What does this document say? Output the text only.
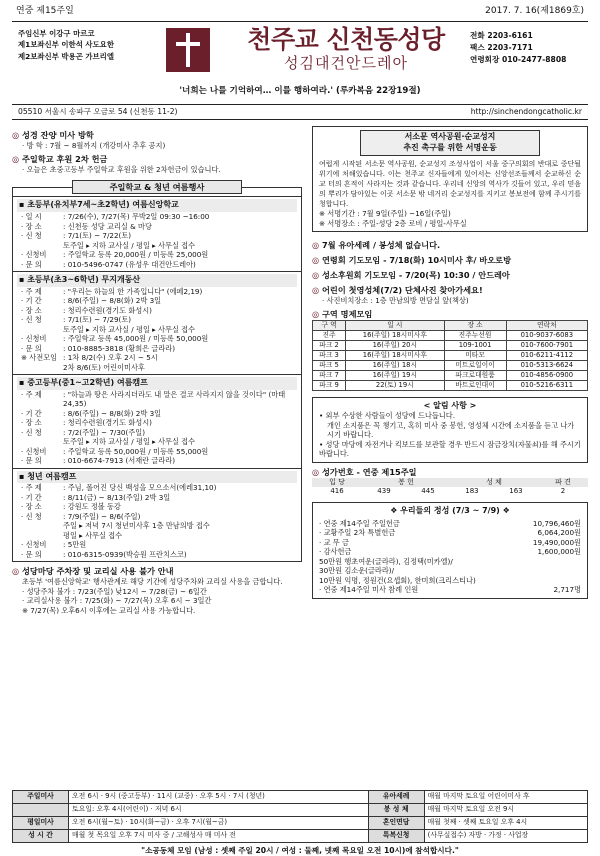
연중 제15주일	2017. 7. 16(제1869호)
주임신부 이강구 마르코
제1보좌신부 이한석 사도요한
제2보좌신부 박용곤 가브리엘
천주교 신천동성당
성김대건안드레아
전화 2203-6161
팩스 2203-7171
연령회장 010-2477-8808
'너희는 나를 기억하여… 이를 행하여라.' (루카복음 22장19절)
05510 서울시 송파구 오금로 54 (신천동 11-2)	http://sinchendongcatholic.kr
◎ 성경 잔양 미사 방학
· 방 학 : 7월 ~ 8월까지 (개강미사 추후 공지)
◎ 주일학교 후원 2차 헌금
· 오늘은 초중고등부 주일학교 후원을 위한 2차헌금이 있습니다.
주일학교 & 청년 여름행사
▪ 초등부(유치부7세~초2학년) 여름신앙학교
· 일 시	: 7/26(수), 7/27(목) 무박2일 09:30 ~16:00
· 장 소	: 신천동 성당 교리실 & 마당
· 신 청	: 7/1(토) ~ 7/22(토)
토주일 ▸ 지하 교사실 / 평일 ▸ 사무실 접수
· 신청비	: 주일학교 등록 20,000원 / 미등록 25,000원
· 문 의	: 010-5496-0747 (유성우 대건안드레아)
▪ 초등부(초3~6학년) 무지개동산
· 주 제	: "우리는 하늘의 한 가족입니다" (에페2,19)
· 기 간	: 8/6(주일) ~ 8/8(화) 2박 3일
· 장 소	: 청리수련원(경기도 화성시)
· 신 청	: 7/1(토) ~ 7/29(토)
토주일 ▸ 지하 교사실 / 평일 ▸ 사무실 접수
· 신청비	: 주일학교 등록 45,000원 / 미등록 50,000원
· 문 의	: 010-8885-3818 (황희은 글라라)
※ 사전모임 : 1차 8/2(수) 오후 2시 ~ 5시
2차 8/6(토) 어린이미사후
▪ 중고등부(중1~고2학년) 여름캠프
· 주 제	: "하늘과 땅은 사라지더라도 내 말은 결코 사라지지 않을 것이다" (마태24,35)
· 기 간	: 8/6(주일) ~ 8/8(화) 2박 3일
· 장 소	: 청리수련원(경기도 화성시)
· 신 청	: 7/2(주일) ~ 7/30(주일)
토주일 ▸ 지하 교사실 / 평일 ▸ 사무실 접수
· 신청비	: 주일학교 등록 50,000원 / 미등록 55,000원
· 문 의	: 010-6674-7913 (서재란 글라라)
▪ 청년 여름캠프
· 주 제	: 주님, 폴어진 당신 백성을 모으소서(에레31,10)
· 기 간	: 8/11(금) ~ 8/13(주일) 2박 3일
· 장 소	: 강원도 정볼 동강
· 신 청	: 7/9(주일) ~ 8/6(주일)
주일 ▸ 저녁 7시 청년미사후 1층 만남의방 접수
평일 ▸ 사무실 접수
· 신청비	: 5만원
· 문 의	: 010-6315-0939(박승원 프란치스코)
◎ 성당마당 주차장 및 교리실 사용 불가 안내
초등부 '여름신앙학교' 행사관계로 해당 기간에 성당주차와 교리실 사용을 금합니다.
· 성당주차 불가 : 7/23(주일) 낮12시 ~ 7/28(금) ~ 6일간
· 교리실사용 불가 : 7/25(화) ~ 7/27(목) 오후 6시 ~ 3일간
※ 7/27(목) 오후6시 이후에는 교리실 사용 가능합니다.
서소문 역사공원·순교성지
추진 촉구를 위한 서명운동

여럽게 시작된 서소문 역사공원, 순교성지 조성사업이 서울 중구의회의 반대로 중단될 위기에 처해있습니다. 이는 천주교 신자들에게 있어서는 신앙선조들께서 순교하신 순교 터의 흔적이 사라지는 것과 같습니다. 우리네 신앙의 역사가 깃들어 있고, 우리 믿음의 뿌리가 담아있는 이곳 서소문 밖 네거리 순교성지를 지키고 봉보전에 함께 주시기를 청합니다.

※ 서명기간 : 7월 9일(주일) ~16일(주일)
※ 서명장소 : 주일-성당 2층 로비 / 평일-사무실
◎ 7월 유아세례 / 봉성체 없습니다.
◎ 연령회 기도모임 - 7/18(화) 10시미사 후/ 바오로방
◎ 성소후원회 기도모임 - 7/20(목) 10:30 / 안드레아
◎ 어린이 첫영성체(7/2) 단체사진 찾아가세요!
· 사진비치장소 : 1층 만남의방 면담실 앞(책상)
◎ 구역 명제모임
구 역	일 시	장 소	연락처
진주	16(주일) 18시미사후	진주누선원	010-9037-6083
파크 2	16(주일) 20시	109-1001	010-7600-7901
파크 3	16(주일) 18시미사후	미타모	010-6211-4112
파크 5	16(주일) 18시	미트로일이이	010-5313-6624
파크 7	16(주일) 19시	파크로대원룸	010-4856-0900
파크 9	22(토) 19시	바트로인대이	010-5216-6311
< 알림 사항 >
• 외부 수상한 사람들이 성당에 드나듭니다.
개인 소지품은 꼭 챙기고, 혹히 미사 중 봉헌, 영성체 시간에 소지품을 듣고 나가시기 바랍니다.
• 성당 마당에 자전거나 킥보드를 보관할 경우 반드시 잠금장치(자물쇠)를 해 주시기 바랍니다.
◎ 성가번호 - 연중 제15주일
입 당	봉 헌		성 체		파 견
416	439	445	183	163	2
❖ 우리들의 정성 (7/3 ~ 7/9) ❖
· 연중 제14주일 주일헌금	10,796,460원
· 교황주일 2차 특별헌금	6,064,200원
· 교 무 금	19,490,000원
· 감사헌금	1,600,000원
50만원 행초여운(글라라), 김정택(미카엘)/
30만원 김소운(글라라)/
10만원 익명, 정원건(요셉회), 한미희(크리스티나)
· 연중 제14주일 미사 참례 인원	2,717명
주일미사	오전 6시 · 9시 (중고등부) · 11시 (교중) · 오후 5시 · 7시 (청년)	유아세례	매월 마지막 토요일 어린이미사 후
	토요일: 오후 4시(어린이) · 저녁 6시	봉 성 체	매월 마지막 토요일 오전 9시
평일미사	오전 6시(월~토) · 10시(화~금) · 오후 7시(월~금)	혼인면담	매월 첫째 · 셋째 토요일 오후 4시
성 시 간	매월 첫 목요일 오후 7시 미사 중 / 고해성사 매 미사 전	특복신청	(사무실접수) 자방 · 가정 · 사업장
"소공동체 모임 (남성 : 셋째 주일 20시 / 여성 : 둘째, 넷째 목요일 오전 10시)에 참석합시다."
